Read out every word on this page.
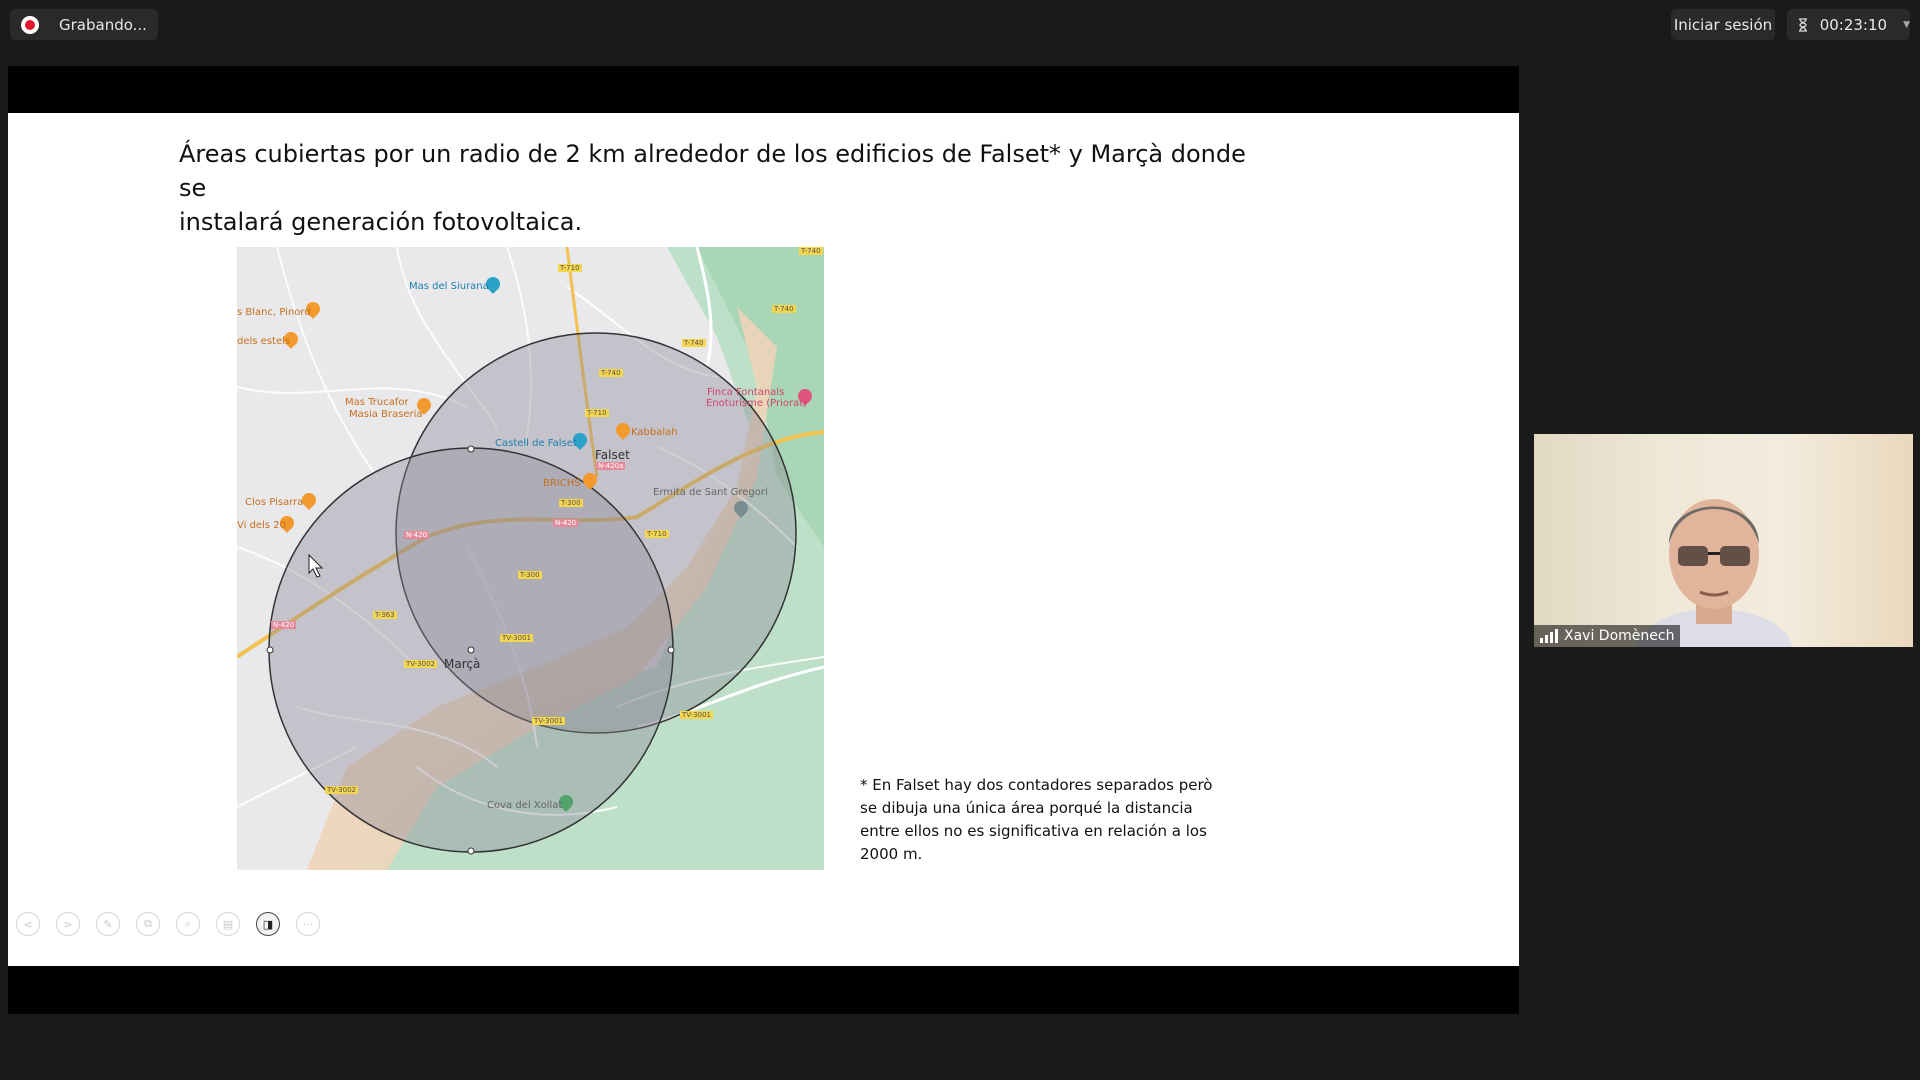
Grabando...	Iniciar sesión	00:23:10 ▼
Áreas cubiertas por un radio de 2 km alrededor de los edificios de Falset* y Marçà donde se
instalará generación fotovoltaica.
Mas del Siurana
s Blanc, Pinord
dels estels
Mas Trucafor
Masia Braseria
Finca Fontanals
Enoturisme (Priorat)
Castell de Falset
Kabbalah
Falset
BRICHS
Ermita de Sant Gregori
Clos Pisarra
Vi dels 20
Marçà
Cova del Xollat
T-710
T-740
T-740
T-740
T-740
T-710
N-420a
T-300
N-420
N-420	T-710
T-300
T-363
N-420
TV-3001
TV-3002
TV-3001
TV-3001
TV-3002	* En Falset hay dos contadores separados però
se dibuja una única área porqué la distancia
entre ellos no es significativa en relación a los
2000 m.
<	>	✎	⧉	⌕	▤	◨	···
Xavi Domènech
